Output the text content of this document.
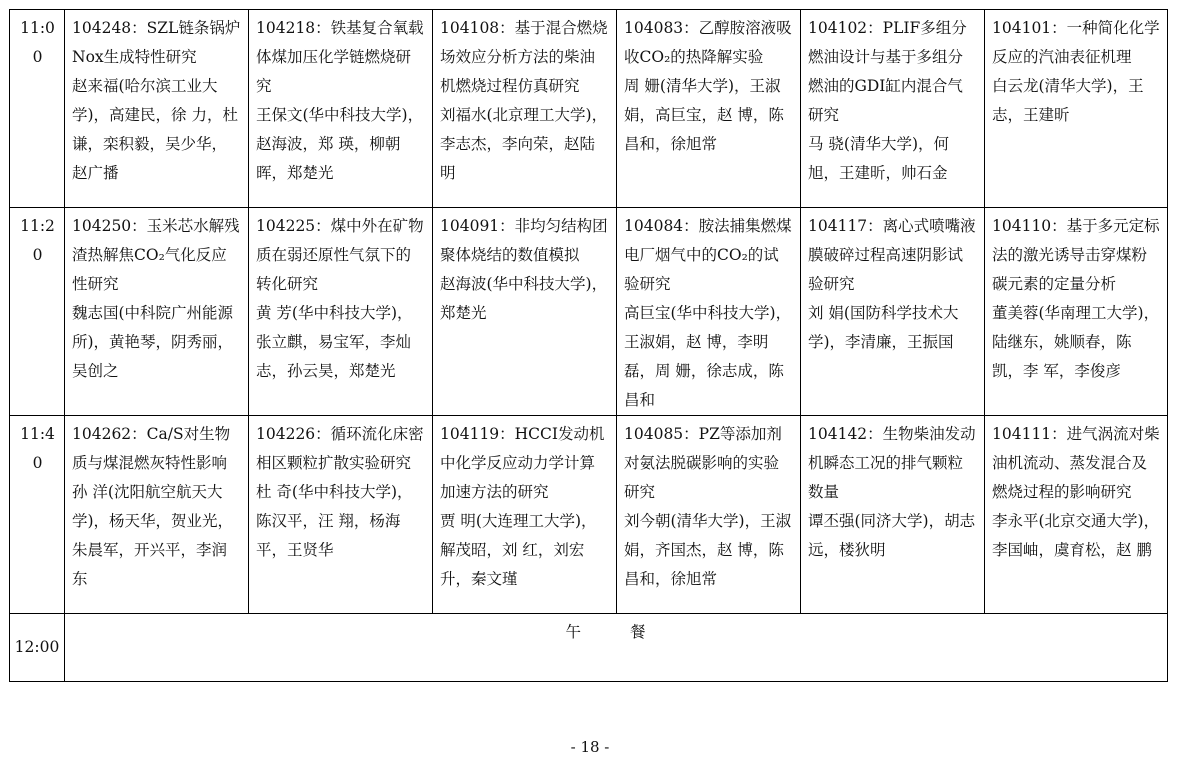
11:00	104248：SZL链条锅炉Nox生成特性研究
赵来福(哈尔滨工业大学)，高建民，徐 力，杜 谦，栾积毅，吴少华，赵广播	104218：铁基复合氧载体煤加压化学链燃烧研究
王保文(华中科技大学)，赵海波，郑 瑛，柳朝晖，郑楚光	104108：基于混合燃烧场效应分析方法的柴油机燃烧过程仿真研究
刘福水(北京理工大学)，李志杰，李向荣，赵陆明	104083：乙醇胺溶液吸收CO₂的热降解实验
周 姗(清华大学)，王淑娟，高巨宝，赵 博，陈昌和，徐旭常	104102：PLIF多组分燃油设计与基于多组分燃油的GDI缸内混合气研究
马 骁(清华大学)，何 旭，王建昕，帅石金	104101：一种简化化学反应的汽油表征机理
白云龙(清华大学)，王 志，王建昕

11:20	104250：玉米芯水解残渣热解焦CO₂气化反应性研究
魏志国(中科院广州能源所)，黄艳琴，阴秀丽，吴创之	104225：煤中外在矿物质在弱还原性气氛下的转化研究
黄 芳(华中科技大学)，张立麒，易宝军，李灿志，孙云昊，郑楚光	104091：非均匀结构团聚体烧结的数值模拟
赵海波(华中科技大学)，郑楚光	104084：胺法捕集燃煤电厂烟气中的CO₂的试验研究
高巨宝(华中科技大学)，王淑娟，赵 博，李明磊，周 姗，徐志成，陈昌和	104117：离心式喷嘴液膜破碎过程高速阴影试验研究
刘 娟(国防科学技术大学)，李清廉，王振国	104110：基于多元定标法的激光诱导击穿煤粉碳元素的定量分析
董美蓉(华南理工大学)，陆继东，姚顺春，陈 凯，李 军，李俊彦

11:40	104262：Ca/S对生物质与煤混燃灰特性影响
孙 洋(沈阳航空航天大学)，杨天华，贺业光，朱晨军，开兴平，李润东	104226：循环流化床密相区颗粒扩散实验研究
杜 奇(华中科技大学)，陈汉平，汪 翔，杨海平，王贤华	104119：HCCI发动机中化学反应动力学计算加速方法的研究
贾 明(大连理工大学)，解茂昭，刘 红，刘宏升，秦文瑾	104085：PZ等添加剂对氨法脱碳影响的实验研究
刘今朝(清华大学)，王淑娟，齐国杰，赵 博，陈昌和，徐旭常	104142：生物柴油发动机瞬态工况的排气颗粒数量
谭丕强(同济大学)，胡志远，楼狄明	104111：进气涡流对柴油机流动、蒸发混合及燃烧过程的影响研究
李永平(北京交通大学)，李国岫，虞育松，赵 鹏

12:00	午 餐					
- 18 -
